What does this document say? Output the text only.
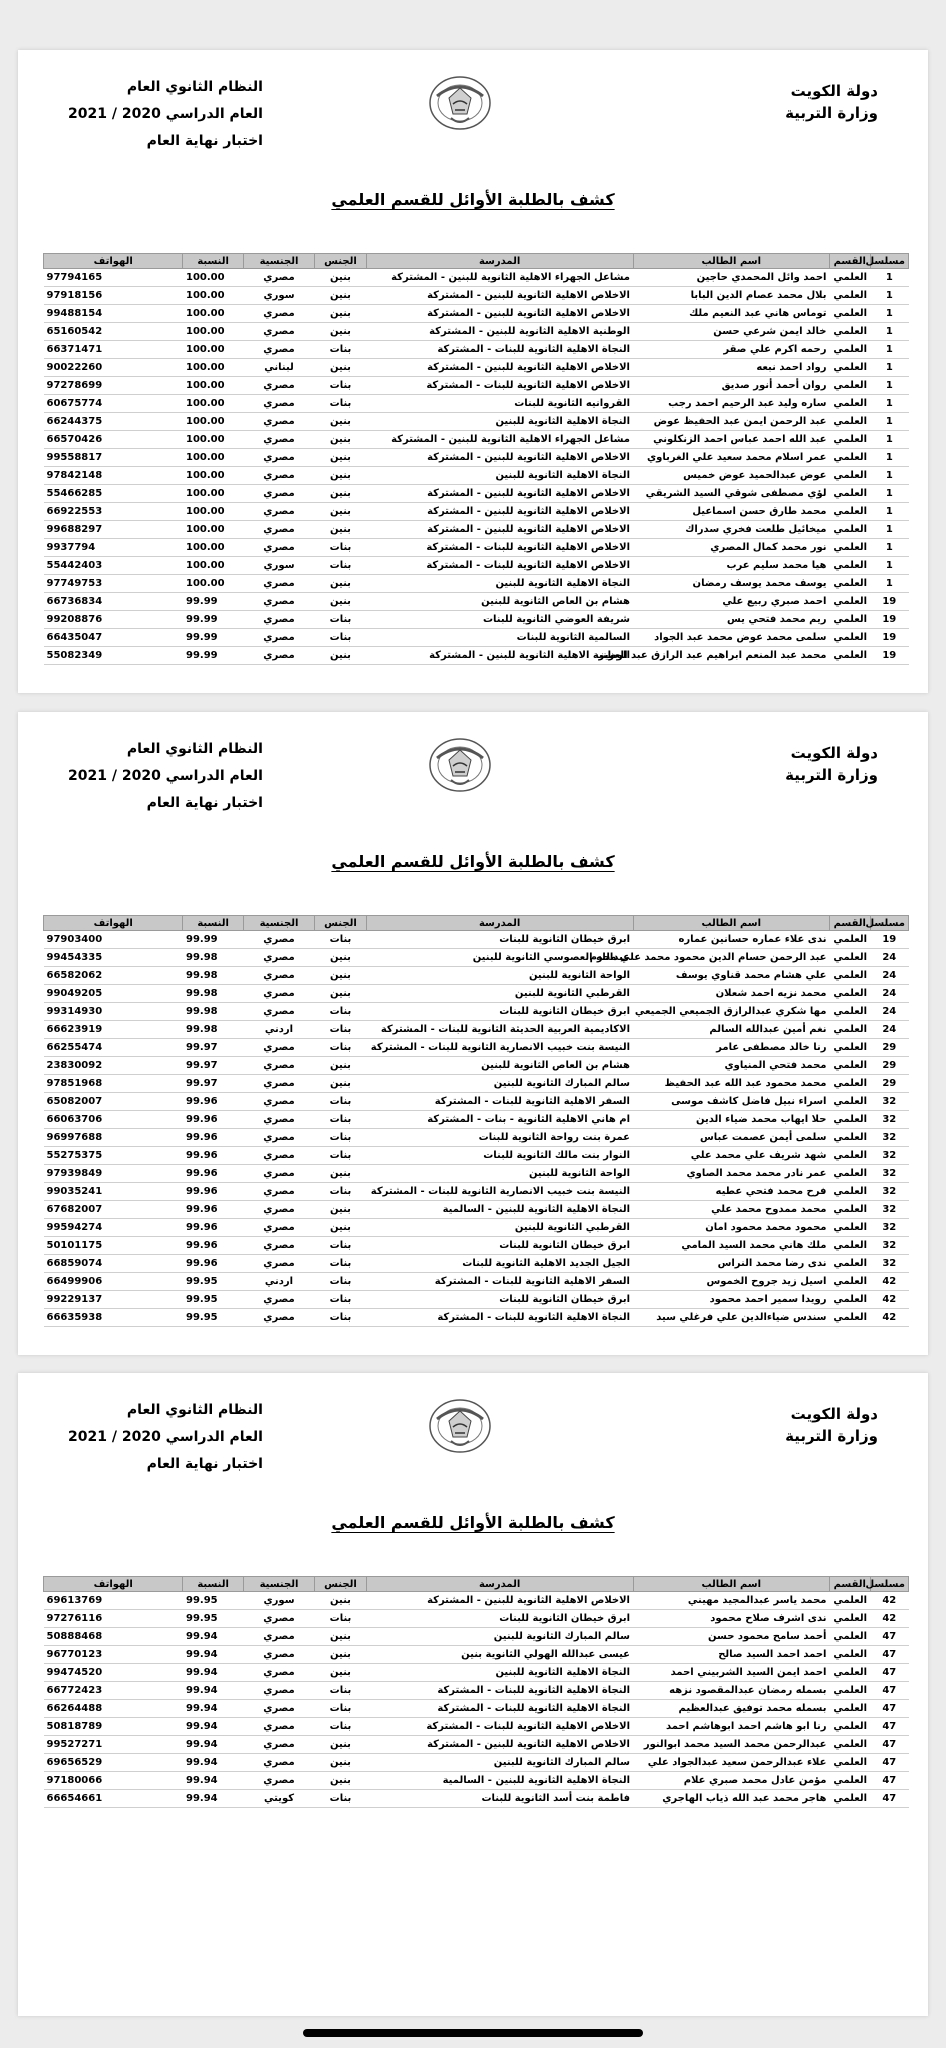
دولة الكويت
وزارة التربية
النظام الثانوي العام
العام الدراسي 2020 / 2021
اختبار نهاية العام
كشف بالطلبة الأوائل للقسم العلمي
مسلسل	القسم	اسم الطالب	المدرسة	الجنس	الجنسية	النسبة	الهواتف
1	العلمي	احمد وائل المحمدي حاجين	مشاعل الجهراء الاهلية الثانوية للبنين - المشتركة	بنين	مصري	100.00	97794165
1	العلمي	بلال محمد عصام الدين البابا	الاخلاص الاهلية الثانوية للبنين - المشتركة	بنين	سوري	100.00	97918156
1	العلمي	توماس هاني عبد النعيم ملك	الاخلاص الاهلية الثانوية للبنين - المشتركة	بنين	مصري	100.00	99488154
1	العلمي	خالد ايمن شرعي حسن	الوطنية الاهلية الثانوية للبنين - المشتركة	بنين	مصري	100.00	65160542
1	العلمي	رحمه اكرم علي صقر	النجاة الاهلية الثانوية للبنات - المشتركة	بنات	مصري	100.00	66371471
1	العلمي	رواد احمد نبعه	الاخلاص الاهلية الثانوية للبنين - المشتركة	بنين	لبناني	100.00	90022260
1	العلمي	روان أحمد أنور صديق	الاخلاص الاهلية الثانوية للبنات - المشتركة	بنات	مصري	100.00	97278699
1	العلمي	ساره وليد عبد الرحيم احمد رجب	القروانيه الثانوية للبنات	بنات	مصري	100.00	60675774
1	العلمي	عبد الرحمن ايمن عبد الحفيظ عوض	النجاة الاهلية الثانوية للبنين	بنين	مصري	100.00	66244375
1	العلمي	عبد الله احمد عباس احمد الزنكلوني	مشاعل الجهراء الاهلية الثانوية للبنين - المشتركة	بنين	مصري	100.00	66570426
1	العلمي	عمر اسلام محمد سعيد علي الغرباوي	الاخلاص الاهلية الثانوية للبنين - المشتركة	بنين	مصري	100.00	99558817
1	العلمي	عوض عبدالحميد عوض خميس	النجاة الاهلية الثانوية للبنين	بنين	مصري	100.00	97842148
1	العلمي	لؤي مصطفى شوقي السيد الشريقي	الاخلاص الاهلية الثانوية للبنين - المشتركة	بنين	مصري	100.00	55466285
1	العلمي	محمد طارق حسن اسماعيل	الاخلاص الاهلية الثانوية للبنين - المشتركة	بنين	مصري	100.00	66922553
1	العلمي	ميخائيل طلعت فخري سدراك	الاخلاص الاهلية الثانوية للبنين - المشتركة	بنين	مصري	100.00	99688297
1	العلمي	نور محمد كمال المصري	الاخلاص الاهلية الثانوية للبنات - المشتركة	بنات	مصري	100.00	9937794
1	العلمي	هيا محمد سليم عرب	الاخلاص الاهلية الثانوية للبنات - المشتركة	بنات	سوري	100.00	55442403
1	العلمي	يوسف محمد يوسف رمضان	النجاة الاهلية الثانوية للبنين	بنين	مصري	100.00	97749753
19	العلمي	احمد صبري ربيع علي	هشام بن العاص الثانوية للبنين	بنين	مصري	99.99	66736834
19	العلمي	ريم محمد فتحي يس	شريفة العوضي الثانوية للبنات	بنات	مصري	99.99	99208876
19	العلمي	سلمى محمد عوض محمد عبد الجواد	السالمية الثانوية للبنات	بنات	مصري	99.99	66435047
19	العلمي	محمد عبد المنعم ابراهيم عبد الرازق عبد العزيز	الوطنية الاهلية الثانوية للبنين - المشتركة	بنين	مصري	99.99	55082349
دولة الكويت
وزارة التربية
النظام الثانوي العام
العام الدراسي 2020 / 2021
اختبار نهاية العام
كشف بالطلبة الأوائل للقسم العلمي
مسلسل	القسم	اسم الطالب	المدرسة	الجنس	الجنسية	النسبة	الهواتف
19	العلمي	ندى علاء عماره حسانين عماره	ابرق خيطان الثانوية للبنات	بنات	مصري	99.99	97903400
24	العلمي	عبد الرحمن حسام الدين محمود محمد علي محرم	عبدالله العصوسي الثانوية للبنين	بنين	مصري	99.98	99454335
24	العلمي	علي هشام محمد قناوي يوسف	الواحة الثانوية للبنين	بنين	مصري	99.98	66582062
24	العلمي	محمد نزيه احمد شعلان	القرطبي الثانوية للبنين	بنين	مصري	99.98	99049205
24	العلمي	مها شكري عبدالرازق الجميعي الجميعي	ابرق خيطان الثانوية للبنات	بنات	مصري	99.98	99314930
24	العلمي	نغم أمين عبدالله السالم	الاكاديمية العربية الحديثة الثانوية للبنات - المشتركة	بنات	اردني	99.98	66623919
29	العلمي	رنا خالد مصطفى عامر	النيسة بنت خبيب الانصارية الثانوية للبنات - المشتركة	بنات	مصري	99.97	66255474
29	العلمي	محمد فتحي المنياوي	هشام بن العاص الثانوية للبنين	بنين	مصري	99.97	23830092
29	العلمي	محمد محمود عبد الله عبد الحفيظ	سالم المبارك الثانوية للبنين	بنين	مصري	99.97	97851968
32	العلمي	اسراء نبيل فاضل كاشف موسى	السفر الاهلية الثانوية للبنات - المشتركة	بنات	مصري	99.96	65082007
32	العلمي	حلا ايهاب محمد ضياء الدين	ام هاني الاهلية الثانوية - بنات - المشتركة	بنات	مصري	99.96	66063706
32	العلمي	سلمى أيمن عصمت عباس	عمرة بنت رواحة الثانوية للبنات	بنات	مصري	99.96	96997688
32	العلمي	شهد شريف علي محمد علي	النوار بنت مالك الثانوية للبنات	بنات	مصري	99.96	55275375
32	العلمي	عمر نادر محمد محمد الصاوي	الواحة الثانوية للبنين	بنين	مصري	99.96	97939849
32	العلمي	فرح محمد فتحي عطيه	النيسة بنت خبيب الانصارية الثانوية للبنات - المشتركة	بنات	مصري	99.96	99035241
32	العلمي	محمد ممدوح محمد علي	النجاة الاهلية الثانوية للبنين - السالمية	بنين	مصري	99.96	67682007
32	العلمي	محمود محمد محمود امان	القرطبي الثانوية للبنين	بنين	مصري	99.96	99594274
32	العلمي	ملك هاني محمد السيد المامي	ابرق خيطان الثانوية للبنات	بنات	مصري	99.96	50101175
32	العلمي	ندى رضا محمد النراس	الجيل الجديد الاهلية الثانوية للبنات	بنات	مصري	99.96	66859074
42	العلمي	اسيل زيد جروح الخموس	السفر الاهلية الثانوية للبنات - المشتركة	بنات	اردني	99.95	66499906
42	العلمي	رويدا سمير احمد محمود	ابرق خيطان الثانوية للبنات	بنات	مصري	99.95	99229137
42	العلمي	سندس ضياءالدين علي فرغلي سيد	النجاة الاهلية الثانوية للبنات - المشتركة	بنات	مصري	99.95	66635938
دولة الكويت
وزارة التربية
النظام الثانوي العام
العام الدراسي 2020 / 2021
اختبار نهاية العام
كشف بالطلبة الأوائل للقسم العلمي
مسلسل	القسم	اسم الطالب	المدرسة	الجنس	الجنسية	النسبة	الهواتف
42	العلمي	محمد ياسر عبدالمجيد مهيني	الاخلاص الاهلية الثانوية للبنين - المشتركة	بنين	سوري	99.95	69613769
42	العلمي	ندى اشرف صلاح محمود	ابرق خيطان الثانوية للبنات	بنات	مصري	99.95	97276116
47	العلمي	أحمد سامح محمود حسن	سالم المبارك الثانوية للبنين	بنين	مصري	99.94	50888468
47	العلمي	احمد احمد السيد صالح	عيسى عبدالله الهولي الثانوية بنين	بنين	مصري	99.94	96770123
47	العلمي	احمد ايمن السيد الشربيني احمد	النجاة الاهلية الثانوية للبنين	بنين	مصري	99.94	99474520
47	العلمي	بسمله رمضان عبدالمقصود نزهه	النجاة الاهلية الثانوية للبنات - المشتركة	بنات	مصري	99.94	66772423
47	العلمي	بسمله محمد توفيق عبدالعظيم	النجاة الاهلية الثانوية للبنات - المشتركة	بنات	مصري	99.94	66264488
47	العلمي	رنا ابو هاشم احمد ابوهاشم احمد	الاخلاص الاهلية الثانوية للبنات - المشتركة	بنات	مصري	99.94	50818789
47	العلمي	عبدالرحمن محمد السيد محمد ابوالنور	الاخلاص الاهلية الثانوية للبنين - المشتركة	بنين	مصري	99.94	99527271
47	العلمي	علاء عبدالرحمن سعيد عبدالجواد علي	سالم المبارك الثانوية للبنين	بنين	مصري	99.94	69656529
47	العلمي	مؤمن عادل محمد صبري علام	النجاة الاهلية الثانوية للبنين - السالمية	بنين	مصري	99.94	97180066
47	العلمي	هاجر محمد عبد الله ذياب الهاجري	فاطمة بنت أسد الثانوية للبنات	بنات	كويتي	99.94	66654661
